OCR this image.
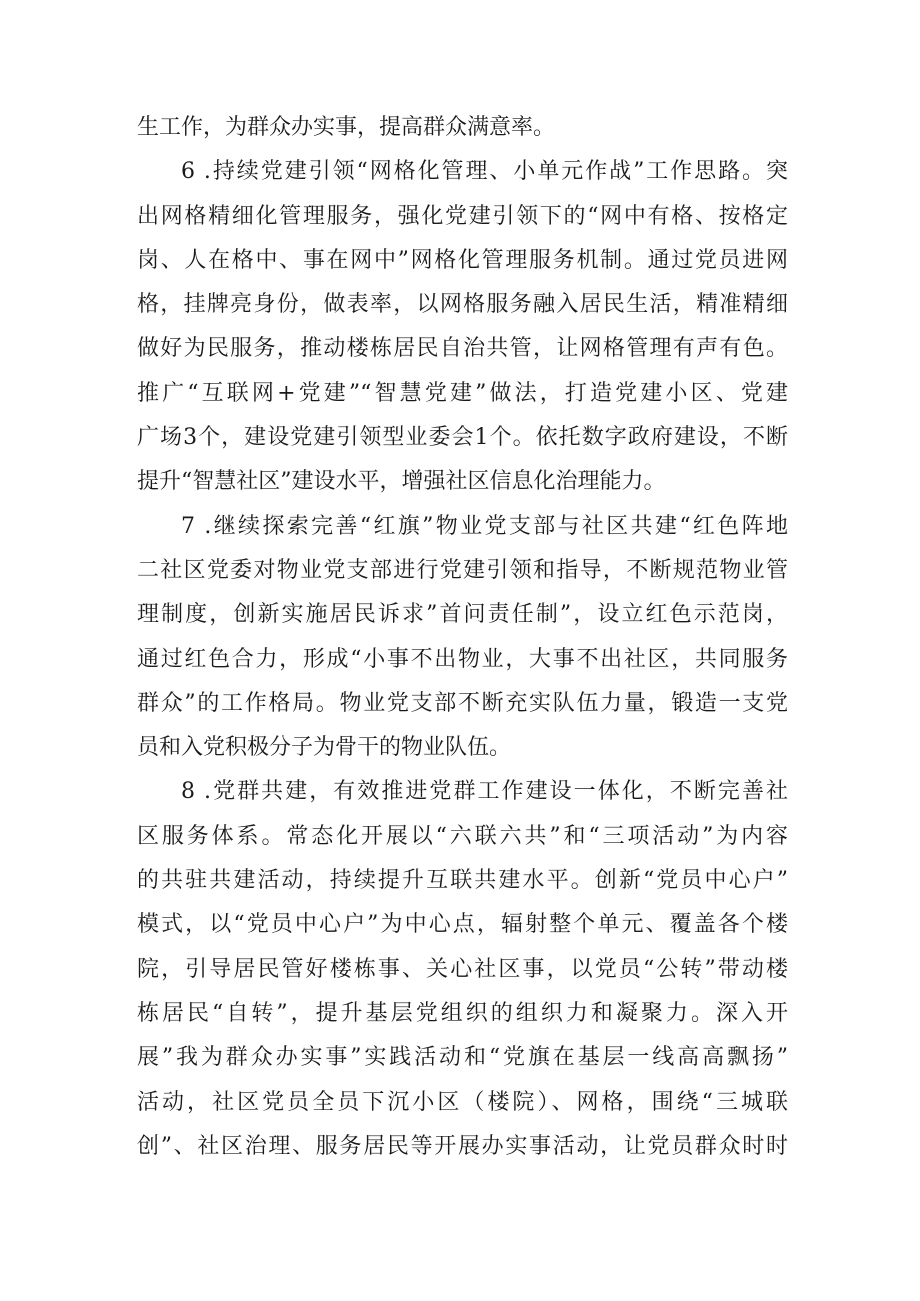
生工作，为群众办实事，提高群众满意率。
6 .持续党建引领“网格化管理、小单元作战”工作思路。突
出网格精细化管理服务，强化党建引领下的“网中有格、按格定
岗、人在格中、事在网中”网格化管理服务机制。通过党员进网
格，挂牌亮身份，做表率，以网格服务融入居民生活，精准精细
做好为民服务，推动楼栋居民自治共管，让网格管理有声有色。
推广“互联网+党建”“智慧党建”做法，打造党建小区、党建
广场3个，建设党建引领型业委会1个。依托数字政府建设，不断
提升“智慧社区”建设水平，增强社区信息化治理能力。
7 .继续探索完善“红旗”物业党支部与社区共建“红色阵地
二社区党委对物业党支部进行党建引领和指导，不断规范物业管
理制度，创新实施居民诉求”首问责任制”，设立红色示范岗，
通过红色合力，形成“小事不出物业，大事不出社区，共同服务
群众”的工作格局。物业党支部不断充实队伍力量，锻造一支党
员和入党积极分子为骨干的物业队伍。
8 .党群共建，有效推进党群工作建设一体化，不断完善社
区服务体系。常态化开展以“六联六共”和“三项活动”为内容
的共驻共建活动，持续提升互联共建水平。创新“党员中心户”
模式，以“党员中心户”为中心点，辐射整个单元、覆盖各个楼
院，引导居民管好楼栋事、关心社区事，以党员“公转”带动楼
栋居民“自转”，提升基层党组织的组织力和凝聚力。深入开
展”我为群众办实事”实践活动和“党旗在基层一线高高飘扬”
活动，社区党员全员下沉小区（楼院）、网格，围绕“三城联
创”、社区治理、服务居民等开展办实事活动，让党员群众时时
